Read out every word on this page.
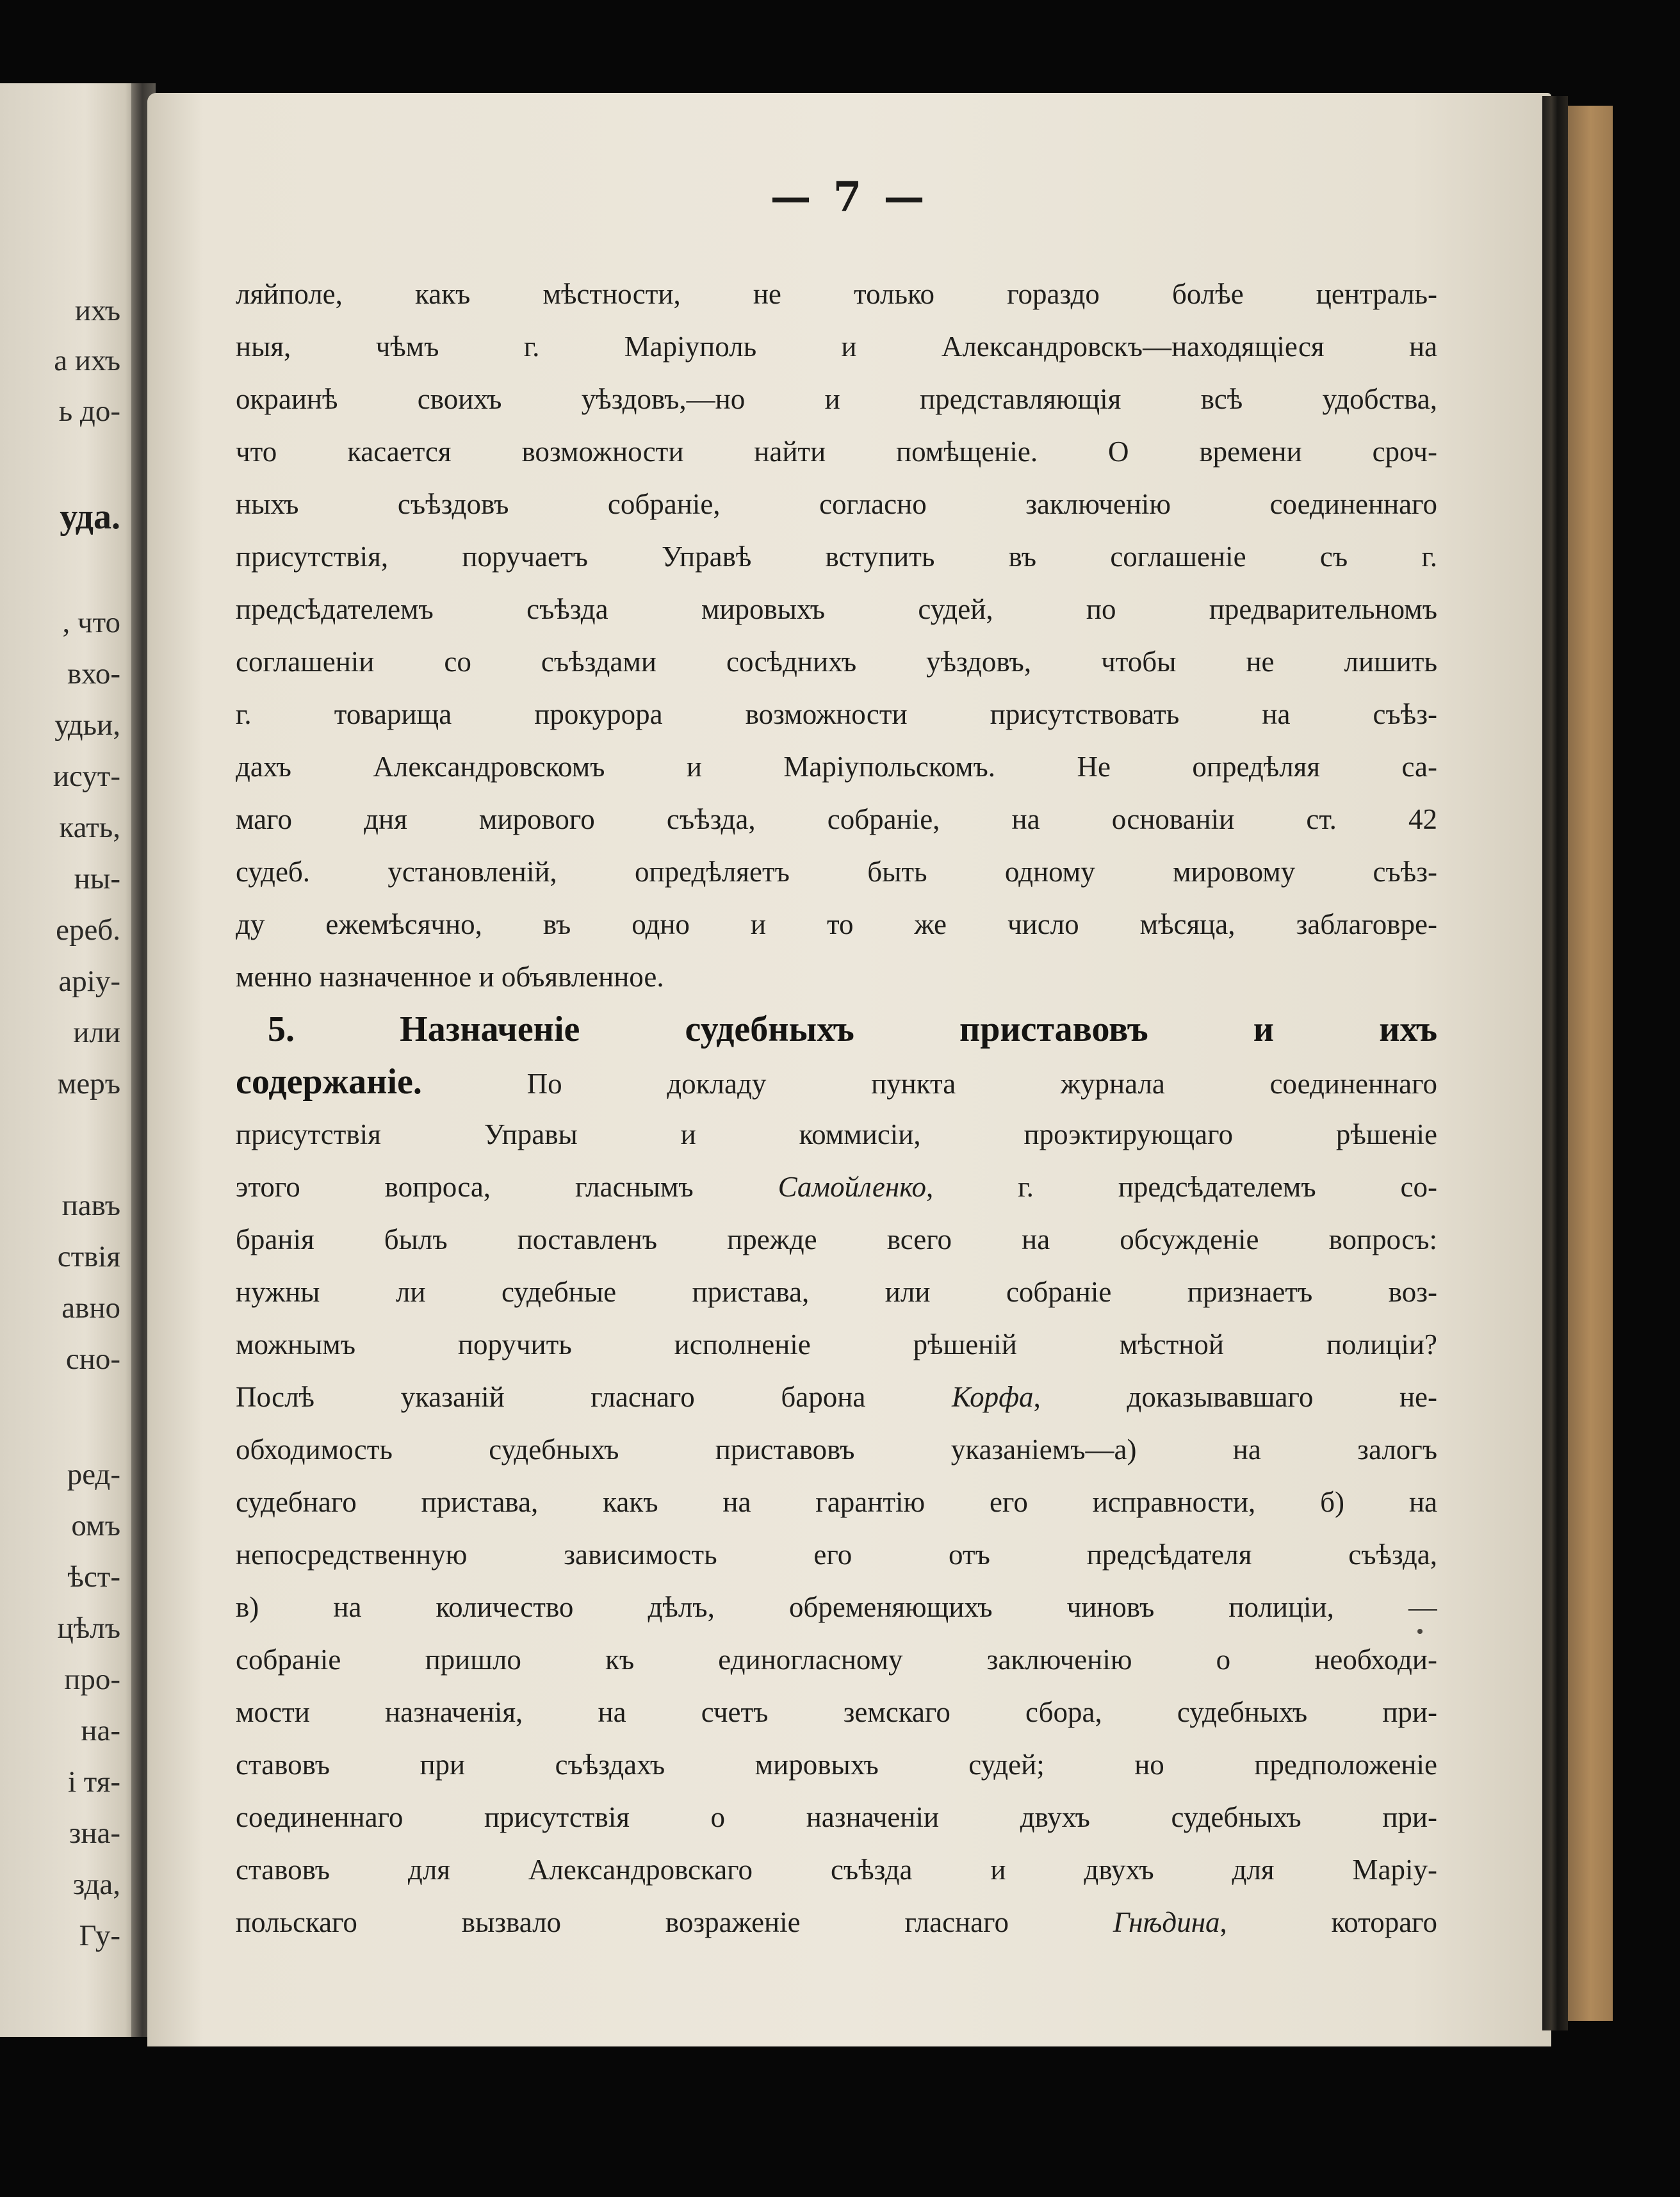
ихъ
а ихъ
ь до-
уда.
, что
вхо-
удьи,
исут-
кать,
ны-
ереб.
аріу-
или
меръ
павъ
ствія
авно
сно-
ред-
омъ
ѣст-
цѣлъ
про-
на-
і тя-
зна-
зда,
Гу-
— 7 —
ляйполе, какъ мѣстности, не только гораздо болѣе централь-
ныя, чѣмъ г. Маріуполь и Александровскъ—находящіеся на
окраинѣ своихъ уѣздовъ,—но и представляющія всѣ удобства,
что касается возможности найти помѣщеніе. О времени сроч-
ныхъ съѣздовъ собраніе, согласно заключенію соединеннаго
присутствія, поручаетъ Управѣ вступить въ соглашеніе съ г.
предсѣдателемъ съѣзда мировыхъ судей, по предварительномъ
соглашеніи со съѣздами сосѣднихъ уѣздовъ, чтобы не лишить
г. товарища прокурора возможности присутствовать на съѣз-
дахъ Александровскомъ и Маріупольскомъ. Не опредѣляя са-
маго дня мирового съѣзда, собраніе, на основаніи ст. 42
судеб. установленій, опредѣляетъ быть одному мировому съѣз-
ду ежемѣсячно, въ одно и то же число мѣсяца, заблаговре-
менно назначенное и объявленное.
5. Назначеніе судебныхъ приставовъ и ихъ
содержаніе. По докладу пункта журнала соединеннаго
присутствія Управы и коммисіи, проэктирующаго рѣшеніе
этого вопроса, гласнымъ Самойленко, г. предсѣдателемъ со-
бранія былъ поставленъ прежде всего на обсужденіе вопросъ:
нужны ли судебные пристава, или собраніе признаетъ воз-
можнымъ поручить исполненіе рѣшеній мѣстной полиціи?
Послѣ указаній гласнаго барона Корфа, доказывавшаго не-
обходимость судебныхъ приставовъ указаніемъ—а) на залогъ
судебнаго пристава, какъ на гарантію его исправности, б) на
непосредственную зависимость его отъ предсѣдателя съѣзда,
в) на количество дѣлъ, обременяющихъ чиновъ полиціи, —
собраніе пришло къ единогласному заключенію о необходи-
мости назначенія, на счетъ земскаго сбора, судебныхъ при-
ставовъ при съѣздахъ мировыхъ судей; но предположеніе
соединеннаго присутствія о назначеніи двухъ судебныхъ при-
ставовъ для Александровскаго съѣзда и двухъ для Маріу-
польскаго вызвало возраженіе гласнаго Гнѣдина, котораго
